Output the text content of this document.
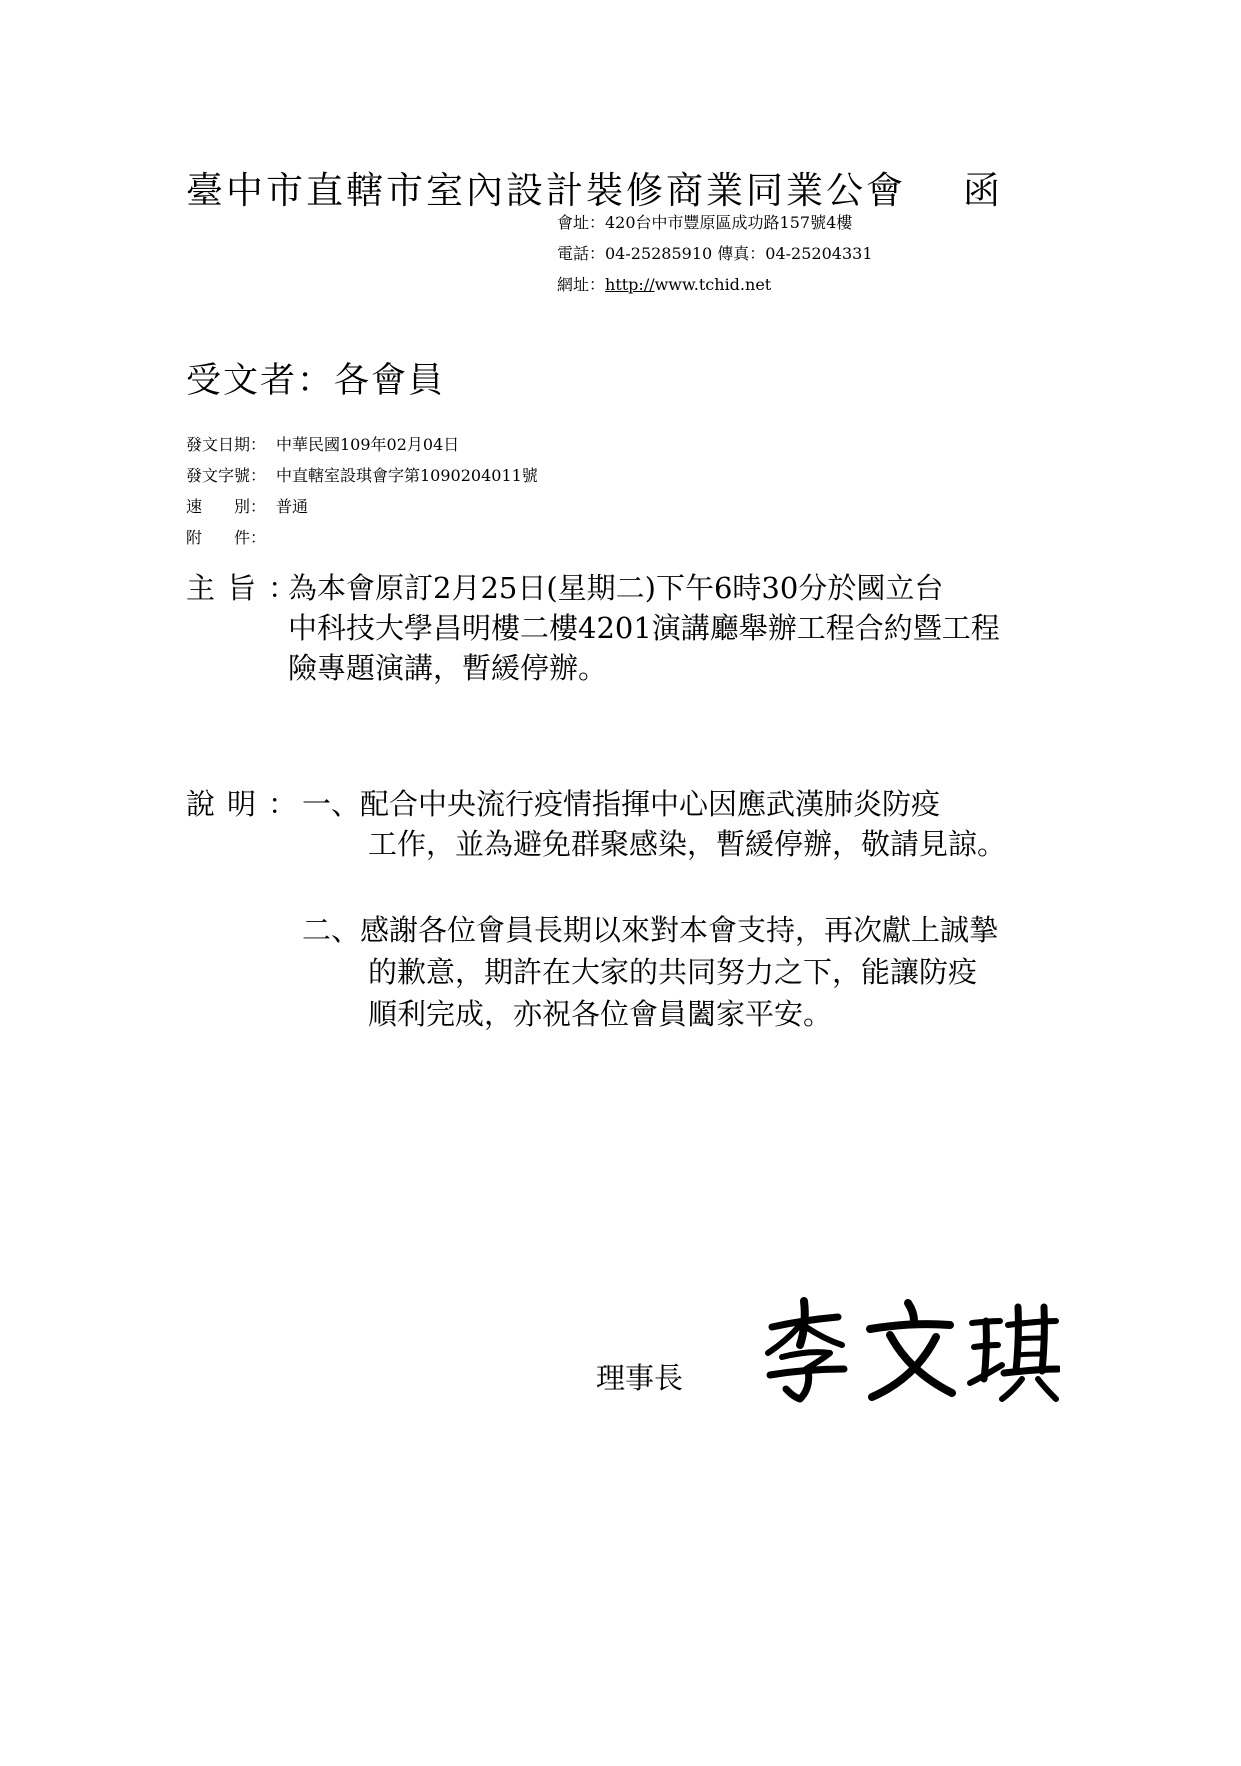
臺中市直轄市室內設計裝修商業同業公會 函
會址：420台中市豐原區成功路157號4樓
電話：04-25285910 傳真：04-25204331
網址：http://www.tchid.net
受文者：各會員
發文日期： 中華民國109年02月04日
發文字號： 中直轄室設琪會字第1090204011號
速　　別： 普通
附　　件：
主旨：
為本會原訂2月25日(星期二)下午6時30分於國立台
中科技大學昌明樓二樓4201演講廳舉辦工程合約暨工程
險專題演講，暫緩停辦。
說明：
一、配合中央流行疫情指揮中心因應武漢肺炎防疫
工作，並為避免群聚感染，暫緩停辦，敬請見諒。
二、感謝各位會員長期以來對本會支持，再次獻上誠摯
的歉意，期許在大家的共同努力之下，能讓防疫
順利完成，亦祝各位會員闔家平安。
理事長
